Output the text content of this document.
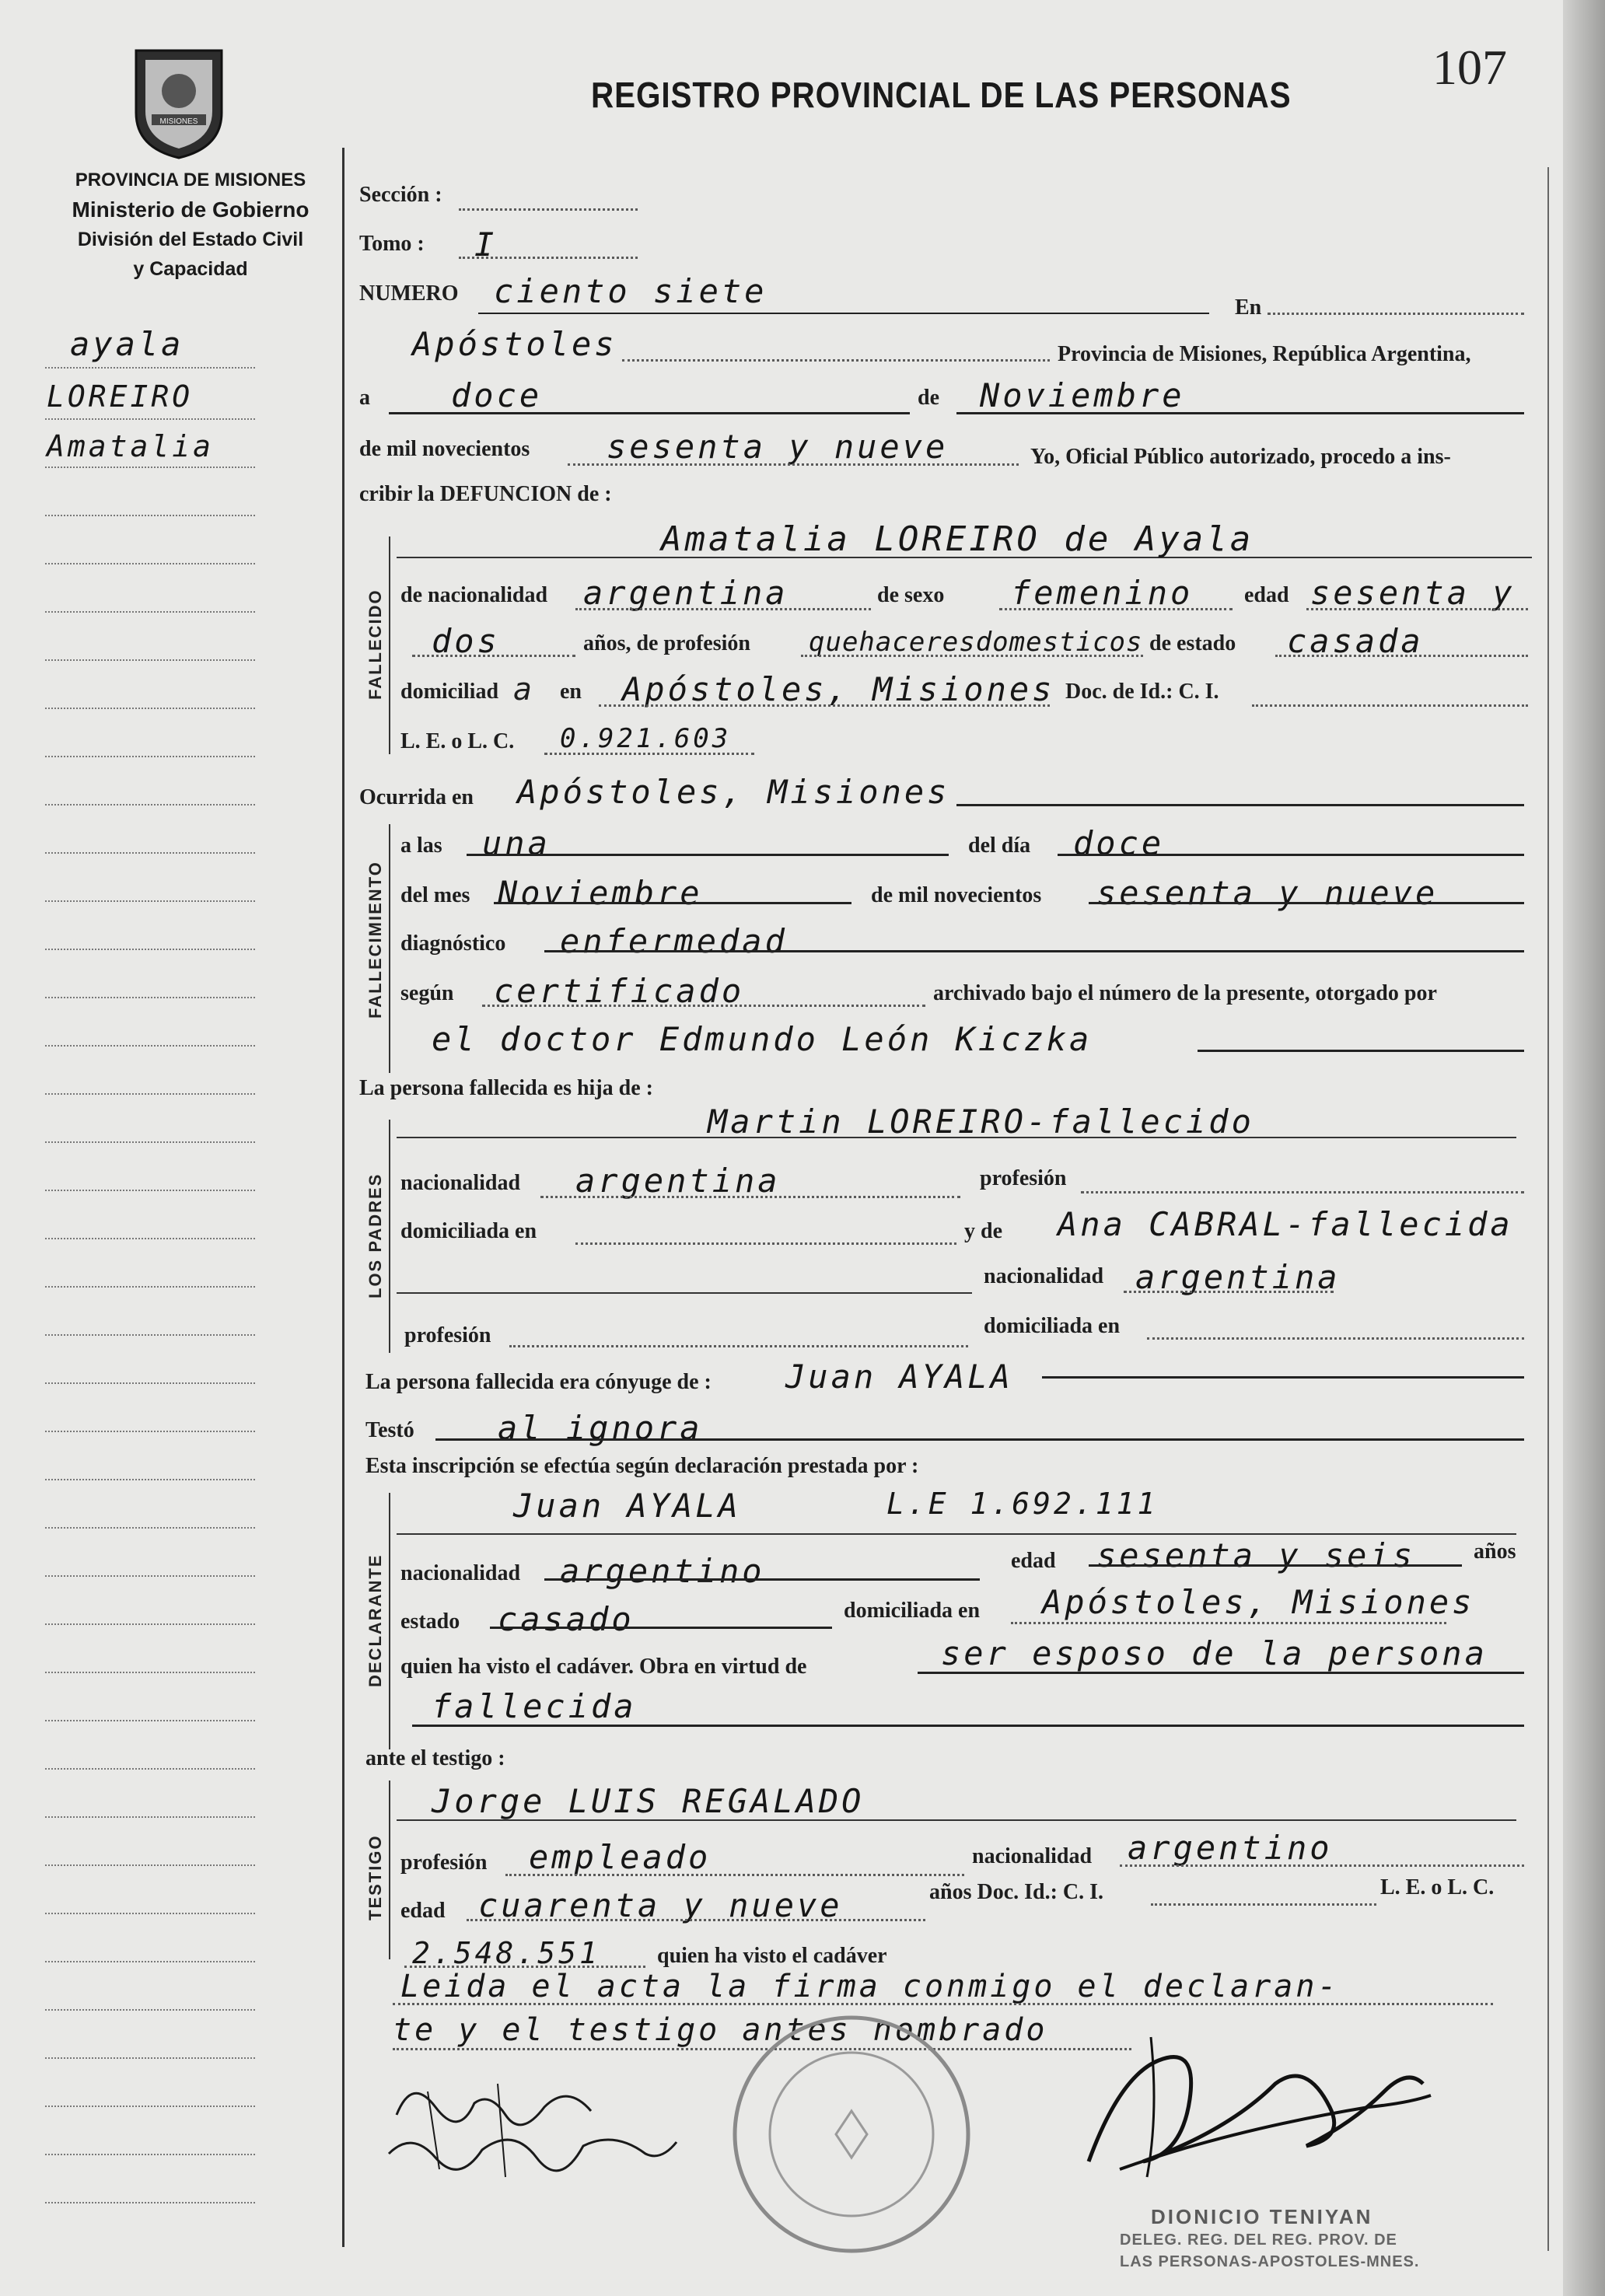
MISIONES
PROVINCIA DE MISIONES
Ministerio de Gobierno
División del Estado Civil
y Capacidad
REGISTRO PROVINCIAL DE LAS PERSONAS	107
ayala
LOREIRO
Amatalia
Sección :
Tomo : I
NUMERO ciento siete	En
Apóstoles	Provincia de Misiones, República Argentina,
a doce	de Noviembre
de mil novecientos sesenta y nueve	Yo, Oficial Público autorizado, procedo a ins-
cribir la DEFUNCION de :
FALLECIDO
Amatalia LOREIRO de Ayala
de nacionalidad argentina	de sexo femenino edad sesenta y
dos	años, de profesión quehaceresdomesticos de estado casada
domiciliad a en Apóstoles, Misiones Doc. de Id.: C. I.
L. E. o L. C. 0.921.603
Ocurrida en Apóstoles, Misiones
FALLECIMIENTO
a las una	del día doce
del mes Noviembre	de mil novecientos sesenta y nueve
diagnóstico enfermedad
según certificado	archivado bajo el número de la presente, otorgado por
el doctor Edmundo León Kiczka
La persona fallecida es hija de :
LOS PADRES
Martin LOREIRO-fallecido
nacionalidad argentina	profesión
domiciliada en	y de Ana CABRAL-fallecida
nacionalidad argentina
profesión	domiciliada en
La persona fallecida era cónyuge de : Juan AYALA
Testó	al ignora
Esta inscripción se efectúa según declaración prestada por :
DECLARANTE
Juan AYALA	L.E 1.692.111
nacionalidad argentino	edad sesenta y seis	años
estado casado	domiciliada en Apóstoles, Misiones
quien ha visto el cadáver. Obra en virtud de	ser esposo de la persona
fallecida
ante el testigo :
TESTIGO
Jorge LUIS REGALADO
profesión empleado	nacionalidad argentino
edad cuarenta y nueve	años Doc. Id.: C. I.	L. E. o L. C.
2.548.551	quien ha visto el cadáver
Leida el acta la firma conmigo el declaran-
te y el testigo antes nombrado
DIONICIO TENIYAN
DELEG. REG. DEL REG. PROV. DE
LAS PERSONAS-APOSTOLES-MNES.
